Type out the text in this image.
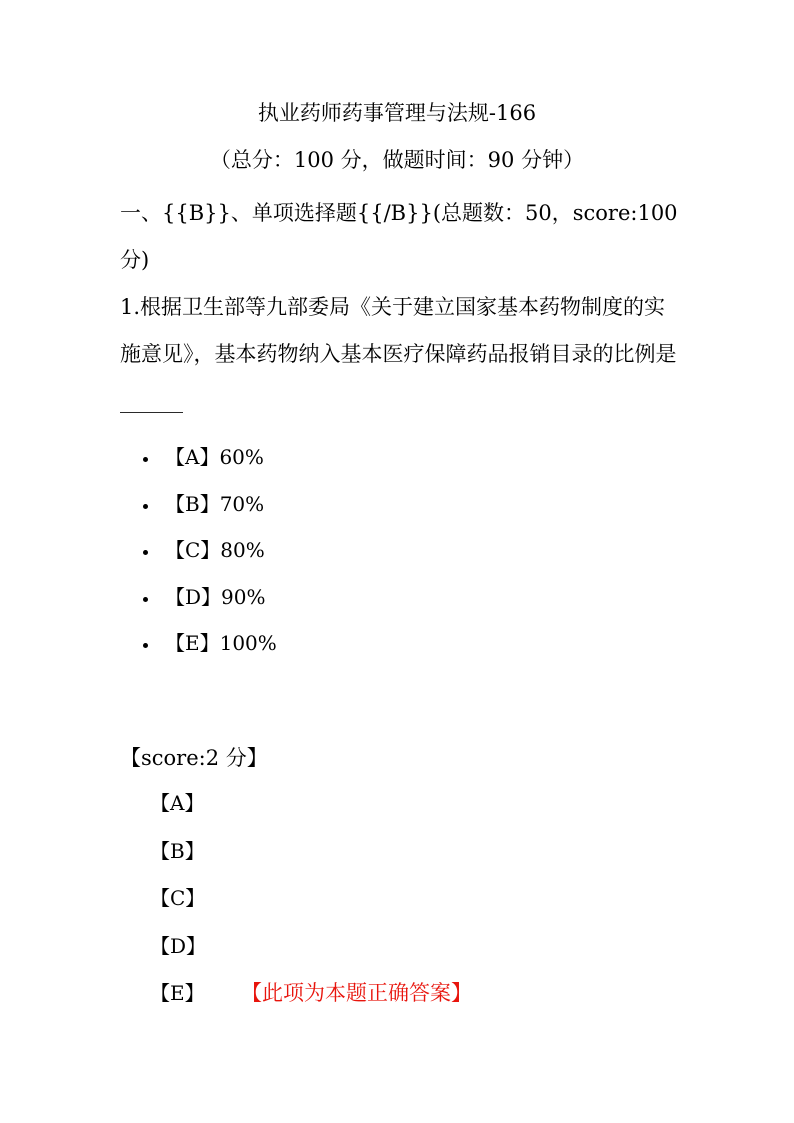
执业药师药事管理与法规-166
（总分：100 分，做题时间：90 分钟）
一、{{B}}、单项选择题{{/B}}(总题数：50，score:100 分)
1.根据卫生部等九部委局《关于建立国家基本药物制度的实施意见》，基本药物纳入基本医疗保障药品报销目录的比例是______
【A】60%
【B】70%
【C】80%
【D】90%
【E】100%
【score:2 分】
【A】
【B】
【C】
【D】
【E】 【此项为本题正确答案】
